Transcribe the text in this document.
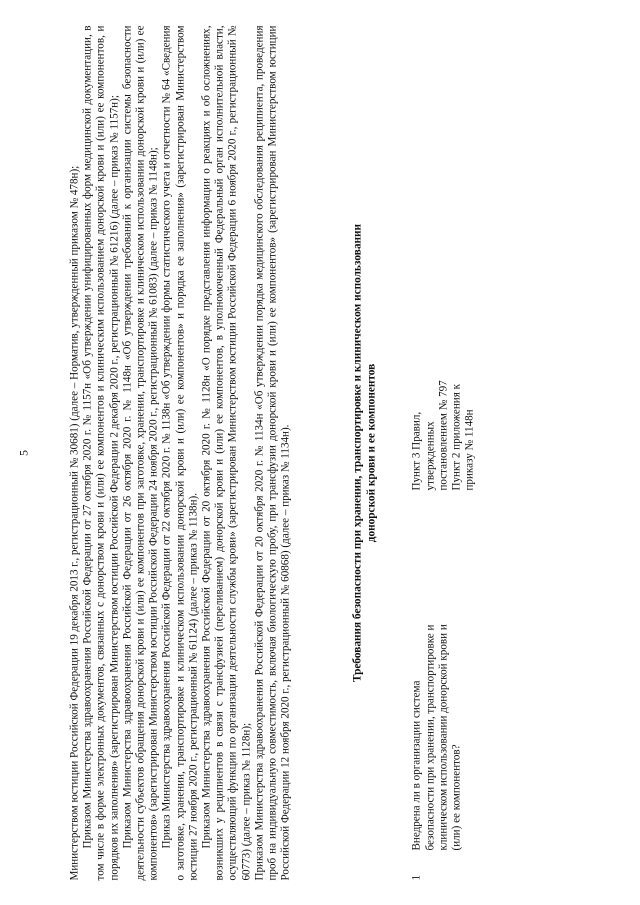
5	Министерством юстиции Российской Федерации 19 декабря 2013 г., регистрационный № 30681) (далее – Норматив, утвержденный приказом № 478н); Приказом Министерства здравоохранения Российской Федерации от 27 октября 2020 г. № 1157н «Об утверждении унифицированных форм медицинской документации, в том числе в форме электронных документов, связанных с донорством крови и (или) ее компонентов и клиническим использованием донорской крови и (или) ее компонентов, и порядков их заполнения» (зарегистрирован Министерством юстиции Российской Федерации 2 декабря 2020 г., регистрационный № 61216) (далее – приказ № 1157н); Приказом Министерства здравоохранения Российской Федерации от 26 октября 2020 г. № 1148н «Об утверждении требований к организации системы безопасности деятельности субъектов обращения донорской крови и (или) ее компонентов при заготовке, хранении, транспортировке и клиническом использовании донорской крови и (или) ее компонентов» (зарегистрирован Министерством юстиции Российской Федерации 24 ноября 2020 г., регистрационный № 61083) (далее – приказ № 1148н); Приказ Министерства здравоохранения Российской Федерации от 22 октября 2020 г. № 1138н «Об утверждении формы статистического учета и отчетности № 64 «Сведения о заготовке, хранении, транспортировке и клиническом использовании донорской крови и (или) ее компонентов» и порядка ее заполнения» (зарегистрирован Министерством юстиции 27 ноября 2020 г., регистрационный № 61124) (далее – приказ № 1138н). Приказом Министерства здравоохранения Российской Федерации от 20 октября 2020 г. № 1128н «О порядке представления информации о реакциях и об осложнениях, возникших у реципиентов в связи с трансфузией (переливанием) донорской крови и (или) ее компонентов, в уполномоченный Федеральный орган исполнительной власти, осуществляющий функции по организации деятельности службы крови» (зарегистрирован Министерством юстиции Российской Федерации 6 ноября 2020 г., регистрационный № 60773) (далее – приказ № 1128н); Приказом Министерства здравоохранения Российской Федерации от 20 октября 2020 г. № 1134н «Об утверждении порядка медицинского обследования реципиента, проведения проб на индивидуальную совместимость, включая биологическую пробу, при трансфузии донорской крови и (или) ее компонентов» (зарегистрирован Министерством юстиции Российской Федерации 12 ноября 2020 г., регистрационный № 60868) (далее – приказ № 1134н).	Требования безопасности при хранении, транспортировке и клиническом использовании донорской крови и ее компонентов
1
Внедрена ли в организации система безопасности при хранении, транспортировке и клиническом использовании донорской крови и (или) ее компонентов?
Пункт 3 Правил, утвержденных постановлением № 797 Пункт 2 приложения к приказу № 1148н
